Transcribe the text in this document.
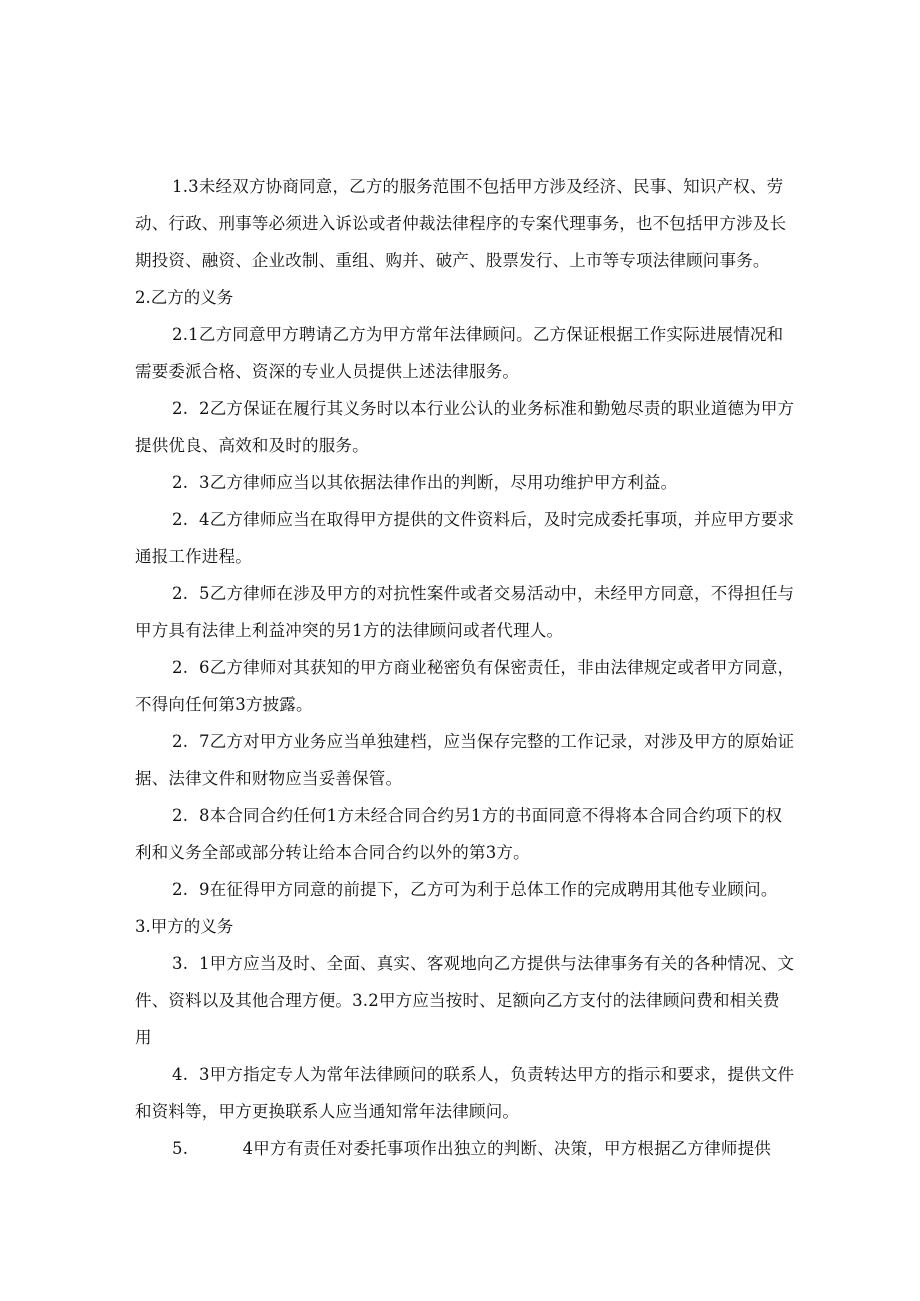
1.3未经双方协商同意，乙方的服务范围不包括甲方涉及经济、民事、知识产权、劳动、行政、刑事等必须进入诉讼或者仲裁法律程序的专案代理事务，也不包括甲方涉及长期投资、融资、企业改制、重组、购并、破产、股票发行、上市等专项法律顾问事务。

2.乙方的义务

2.1乙方同意甲方聘请乙方为甲方常年法律顾问。乙方保证根据工作实际进展情况和需要委派合格、资深的专业人员提供上述法律服务。

2.  2乙方保证在履行其义务时以本行业公认的业务标准和勤勉尽责的职业道德为甲方提供优良、高效和及时的服务。

2.  3乙方律师应当以其依据法律作出的判断，尽用功维护甲方利益。

2.  4乙方律师应当在取得甲方提供的文件资料后，及时完成委托事项，并应甲方要求通报工作进程。

2.  5乙方律师在涉及甲方的对抗性案件或者交易活动中，未经甲方同意，不得担任与甲方具有法律上利益冲突的另1方的法律顾问或者代理人。

2.  6乙方律师对其获知的甲方商业秘密负有保密责任，非由法律规定或者甲方同意，不得向任何第3方披露。

2.  7乙方对甲方业务应当单独建档，应当保存完整的工作记录，对涉及甲方的原始证据、法律文件和财物应当妥善保管。

2.  8本合同合约任何1方未经合同合约另1方的书面同意不得将本合同合约项下的权利和义务全部或部分转让给本合同合约以外的第3方。

2.  9在征得甲方同意的前提下，乙方可为利于总体工作的完成聘用其他专业顾问。

3.甲方的义务

3.  1甲方应当及时、全面、真实、客观地向乙方提供与法律事务有关的各种情况、文件、资料以及其他合理方便。3.2甲方应当按时、足额向乙方支付的法律顾问费和相关费用

4.  3甲方指定专人为常年法律顾问的联系人，负责转达甲方的指示和要求，提供文件和资料等，甲方更换联系人应当通知常年法律顾问。

5.          4甲方有责任对委托事项作出独立的判断、决策，甲方根据乙方律师提供
